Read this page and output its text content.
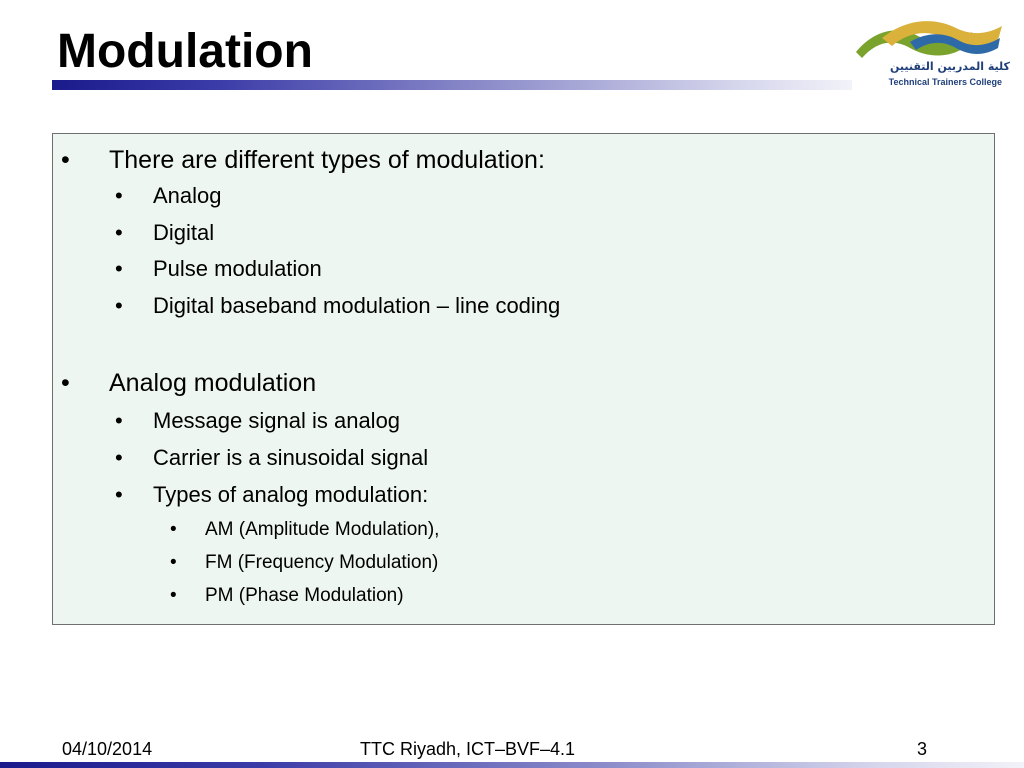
Modulation	كلية المدربين التقنيين
Technical Trainers College
• There are different types of modulation:
• Analog
• Digital
• Pulse modulation
• Digital baseband modulation – line coding
• Analog modulation
• Message signal is analog
• Carrier is a sinusoidal signal
• Types of analog modulation:
• AM (Amplitude Modulation),
• FM (Frequency Modulation)
• PM (Phase Modulation)
04/10/2014	TTC Riyadh, ICT–BVF–4.1	3
